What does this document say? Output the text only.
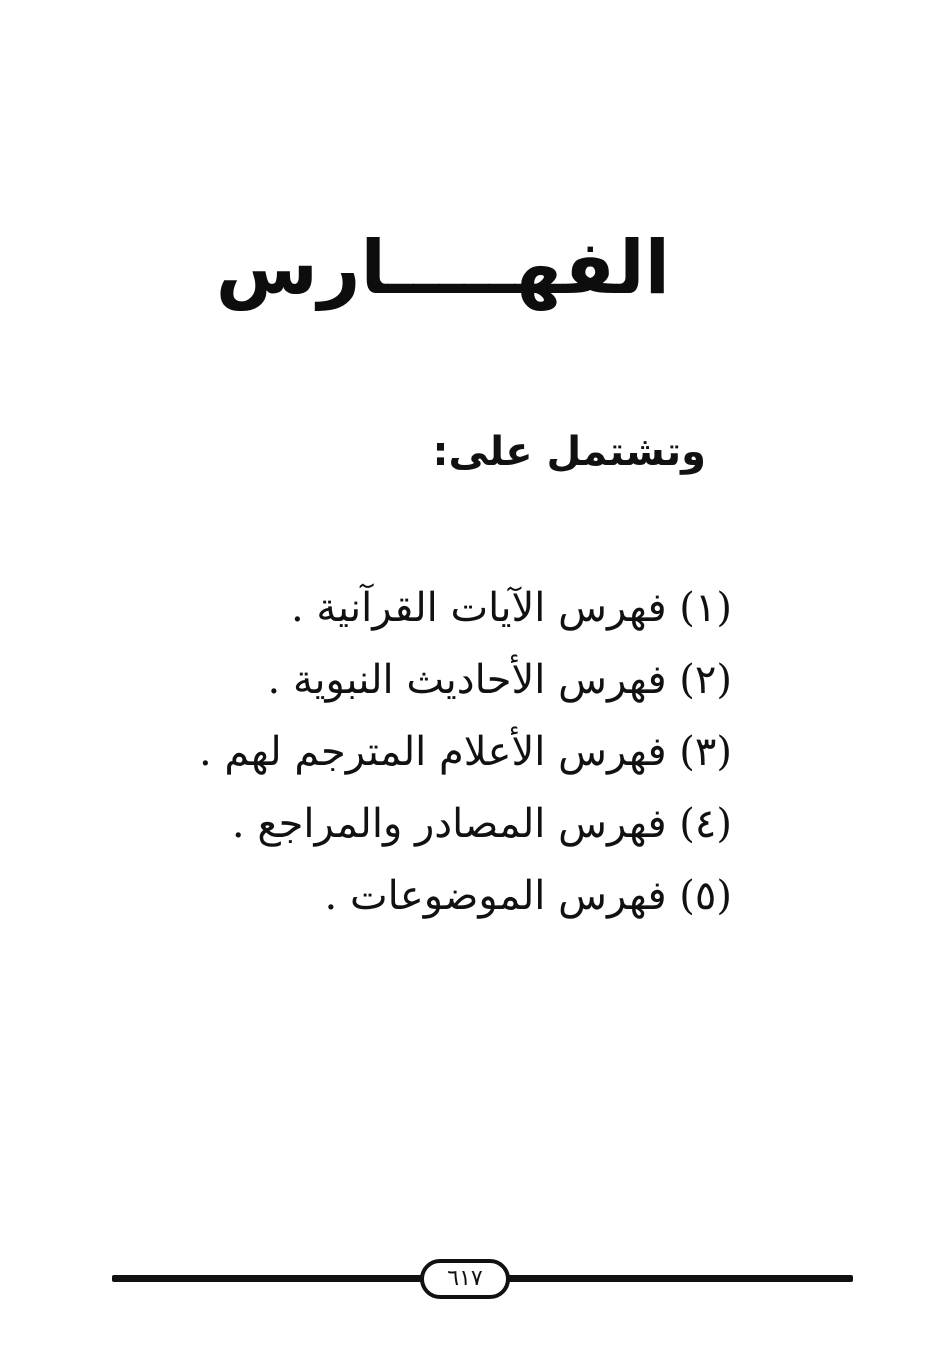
الفهـــــارس
وتشتمل على:
(١) فهرس الآيات القرآنية .
(٢) فهرس الأحاديث النبوية .
(٣) فهرس الأعلام المترجم لهم .
(٤) فهرس المصادر والمراجع .
(٥) فهرس الموضوعات .
٦١٧
